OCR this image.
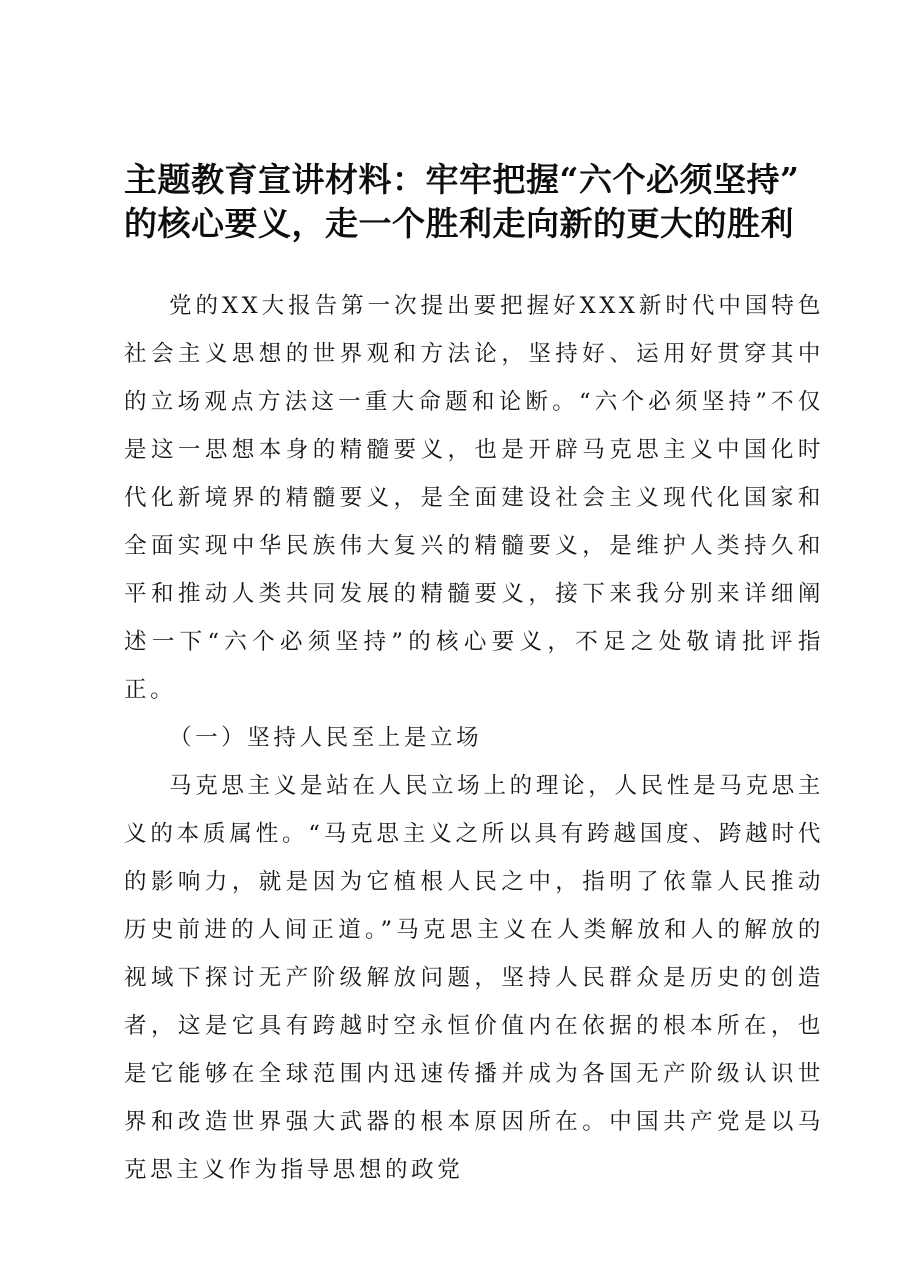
主题教育宣讲材料：牢牢把握“六个必须坚持”
的核心要义，走一个胜利走向新的更大的胜利

党的XX大报告第一次提出要把握好XXX新时代中国特色社会主义思想的世界观和方法论，坚持好、运用好贯穿其中的立场观点方法这一重大命题和论断。“六个必须坚持”不仅是这一思想本身的精髓要义，也是开辟马克思主义中国化时代化新境界的精髓要义，是全面建设社会主义现代化国家和全面实现中华民族伟大复兴的精髓要义，是维护人类持久和平和推动人类共同发展的精髓要义，接下来我分别来详细阐述一下“六个必须坚持”的核心要义，不足之处敬请批评指正。

（一）坚持人民至上是立场

马克思主义是站在人民立场上的理论，人民性是马克思主义的本质属性。“马克思主义之所以具有跨越国度、跨越时代的影响力，就是因为它植根人民之中，指明了依靠人民推动历史前进的人间正道。”马克思主义在人类解放和人的解放的视域下探讨无产阶级解放问题，坚持人民群众是历史的创造者，这是它具有跨越时空永恒价值内在依据的根本所在，也是它能够在全球范围内迅速传播并成为各国无产阶级认识世界和改造世界强大武器的根本原因所在。中国共产党是以马克思主义作为指导思想的政党
